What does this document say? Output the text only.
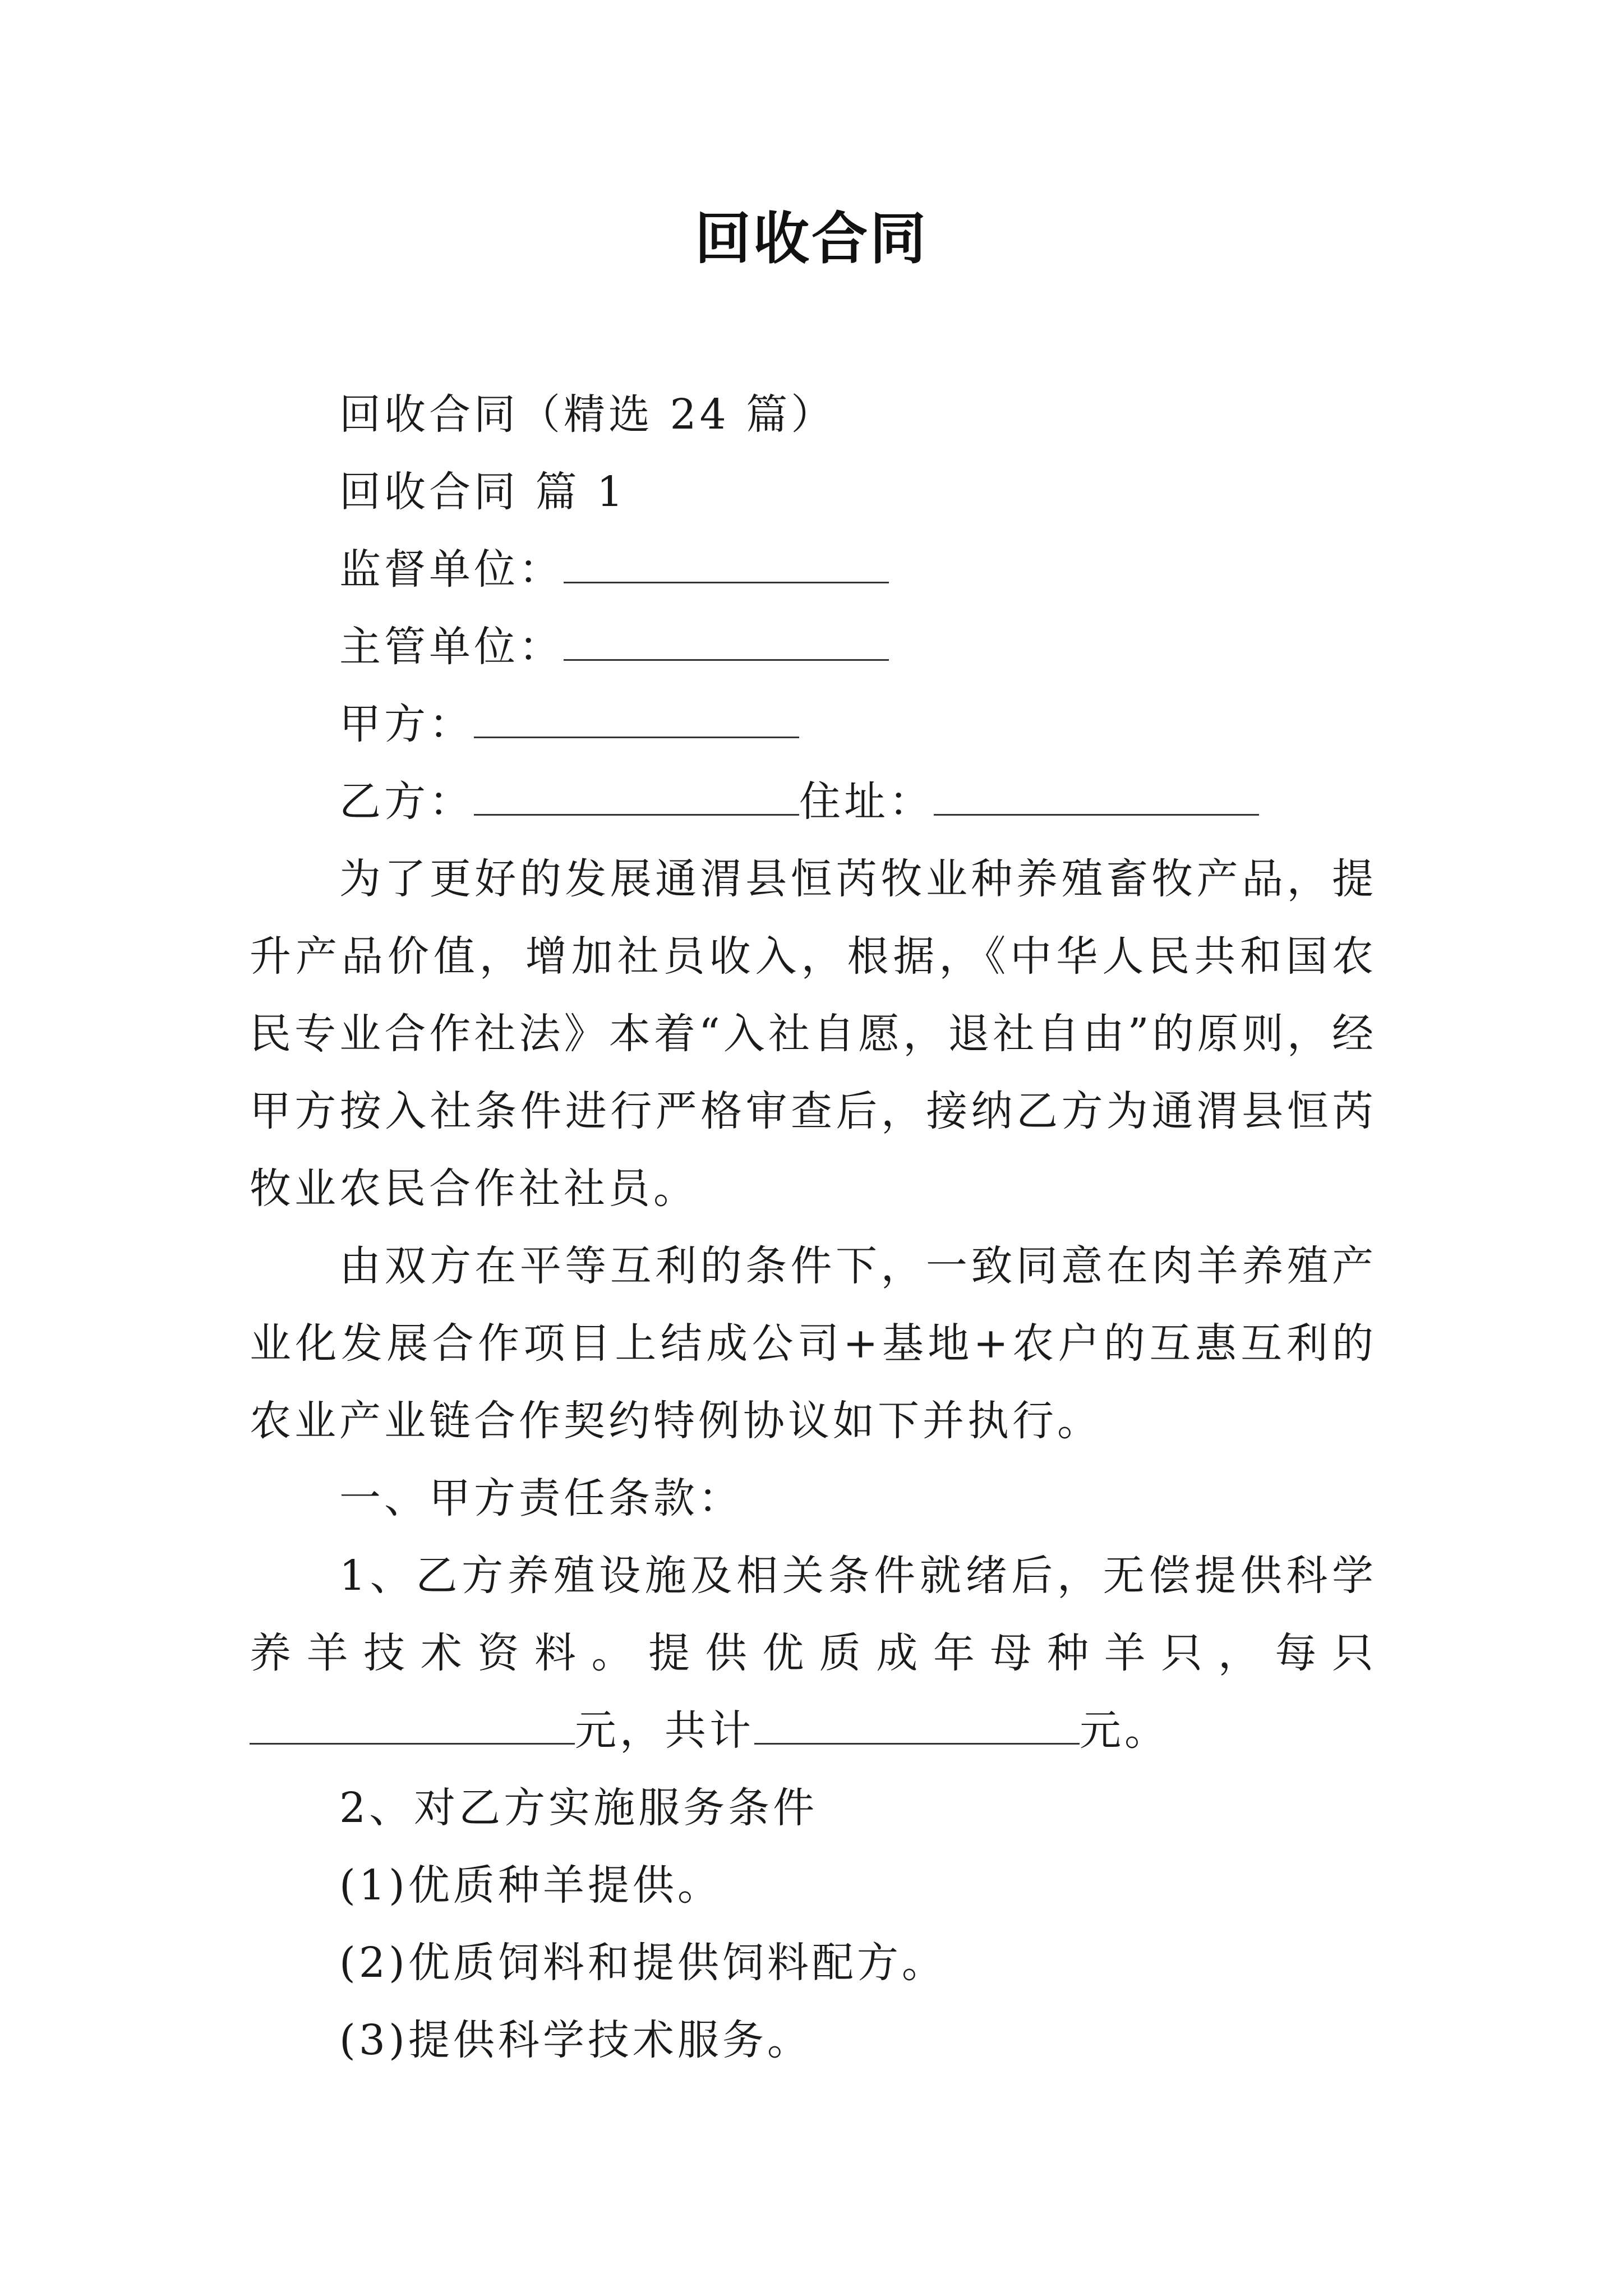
回收合同
回收合同（精选 24 篇）
回收合同 篇 1
监督单位：
主管单位：
甲方：
乙方：	住址：
为了更好的发展通渭县恒芮牧业种养殖畜牧产品，提升产品价值，增加社员收入，根据，《中华人民共和国农民专业合作社法》本着“入社自愿，退社自由”的原则，经甲方按入社条件进行严格审查后，接纳乙方为通渭县恒芮牧业农民合作社社员。
由双方在平等互利的条件下，一致同意在肉羊养殖产业化发展合作项目上结成公司+基地+农户的互惠互利的农业产业链合作契约特例协议如下并执行。
一、甲方责任条款：
1、乙方养殖设施及相关条件就绪后，无偿提供科学养羊技术资料。提供优质成年母种羊只，每只元，共计	元。
2、对乙方实施服务条件
(1)优质种羊提供。
(2)优质饲料和提供饲料配方。
(3)提供科学技术服务。
